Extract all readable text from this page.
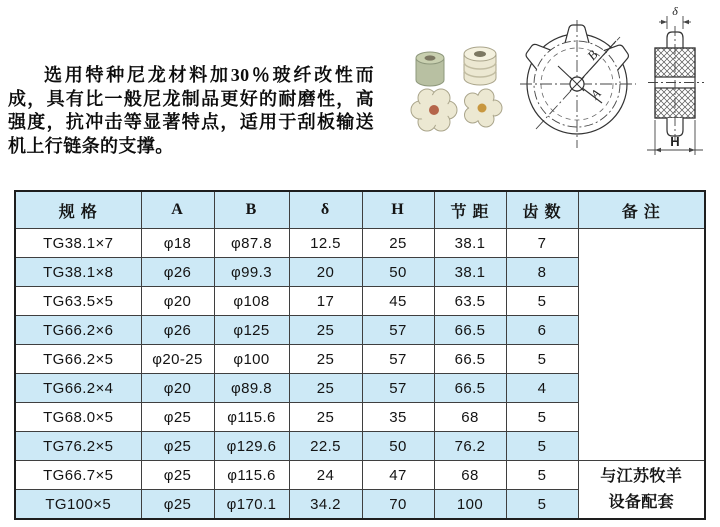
选用特种尼龙材料加30％玻纤改性而成，具有比一般尼龙制品更好的耐磨性，高强度，抗冲击等显著特点，适用于刮板输送机上行链条的支撑。

B
A
δ
H
规 格	A	B	δ	H	节 距	齿 数	备 注
TG38.1×7	φ18	φ87.8	12.5	25	38.1	7	
TG38.1×8	φ26	φ99.3	20	50	38.1	8	
TG63.5×5	φ20	φ108	17	45	63.5	5	
TG66.2×6	φ26	φ125	25	57	66.5	6	
TG66.2×5	φ20-25	φ100	25	57	66.5	5	
TG66.2×4	φ20	φ89.8	25	57	66.5	4	
TG68.0×5	φ25	φ115.6	25	35	68	5	
TG76.2×5	φ25	φ129.6	22.5	50	76.2	5	
TG66.7×5	φ25	φ115.6	24	47	68	5	与江苏牧羊
设备配套
TG100×5	φ25	φ170.1	34.2	70	100	5	
